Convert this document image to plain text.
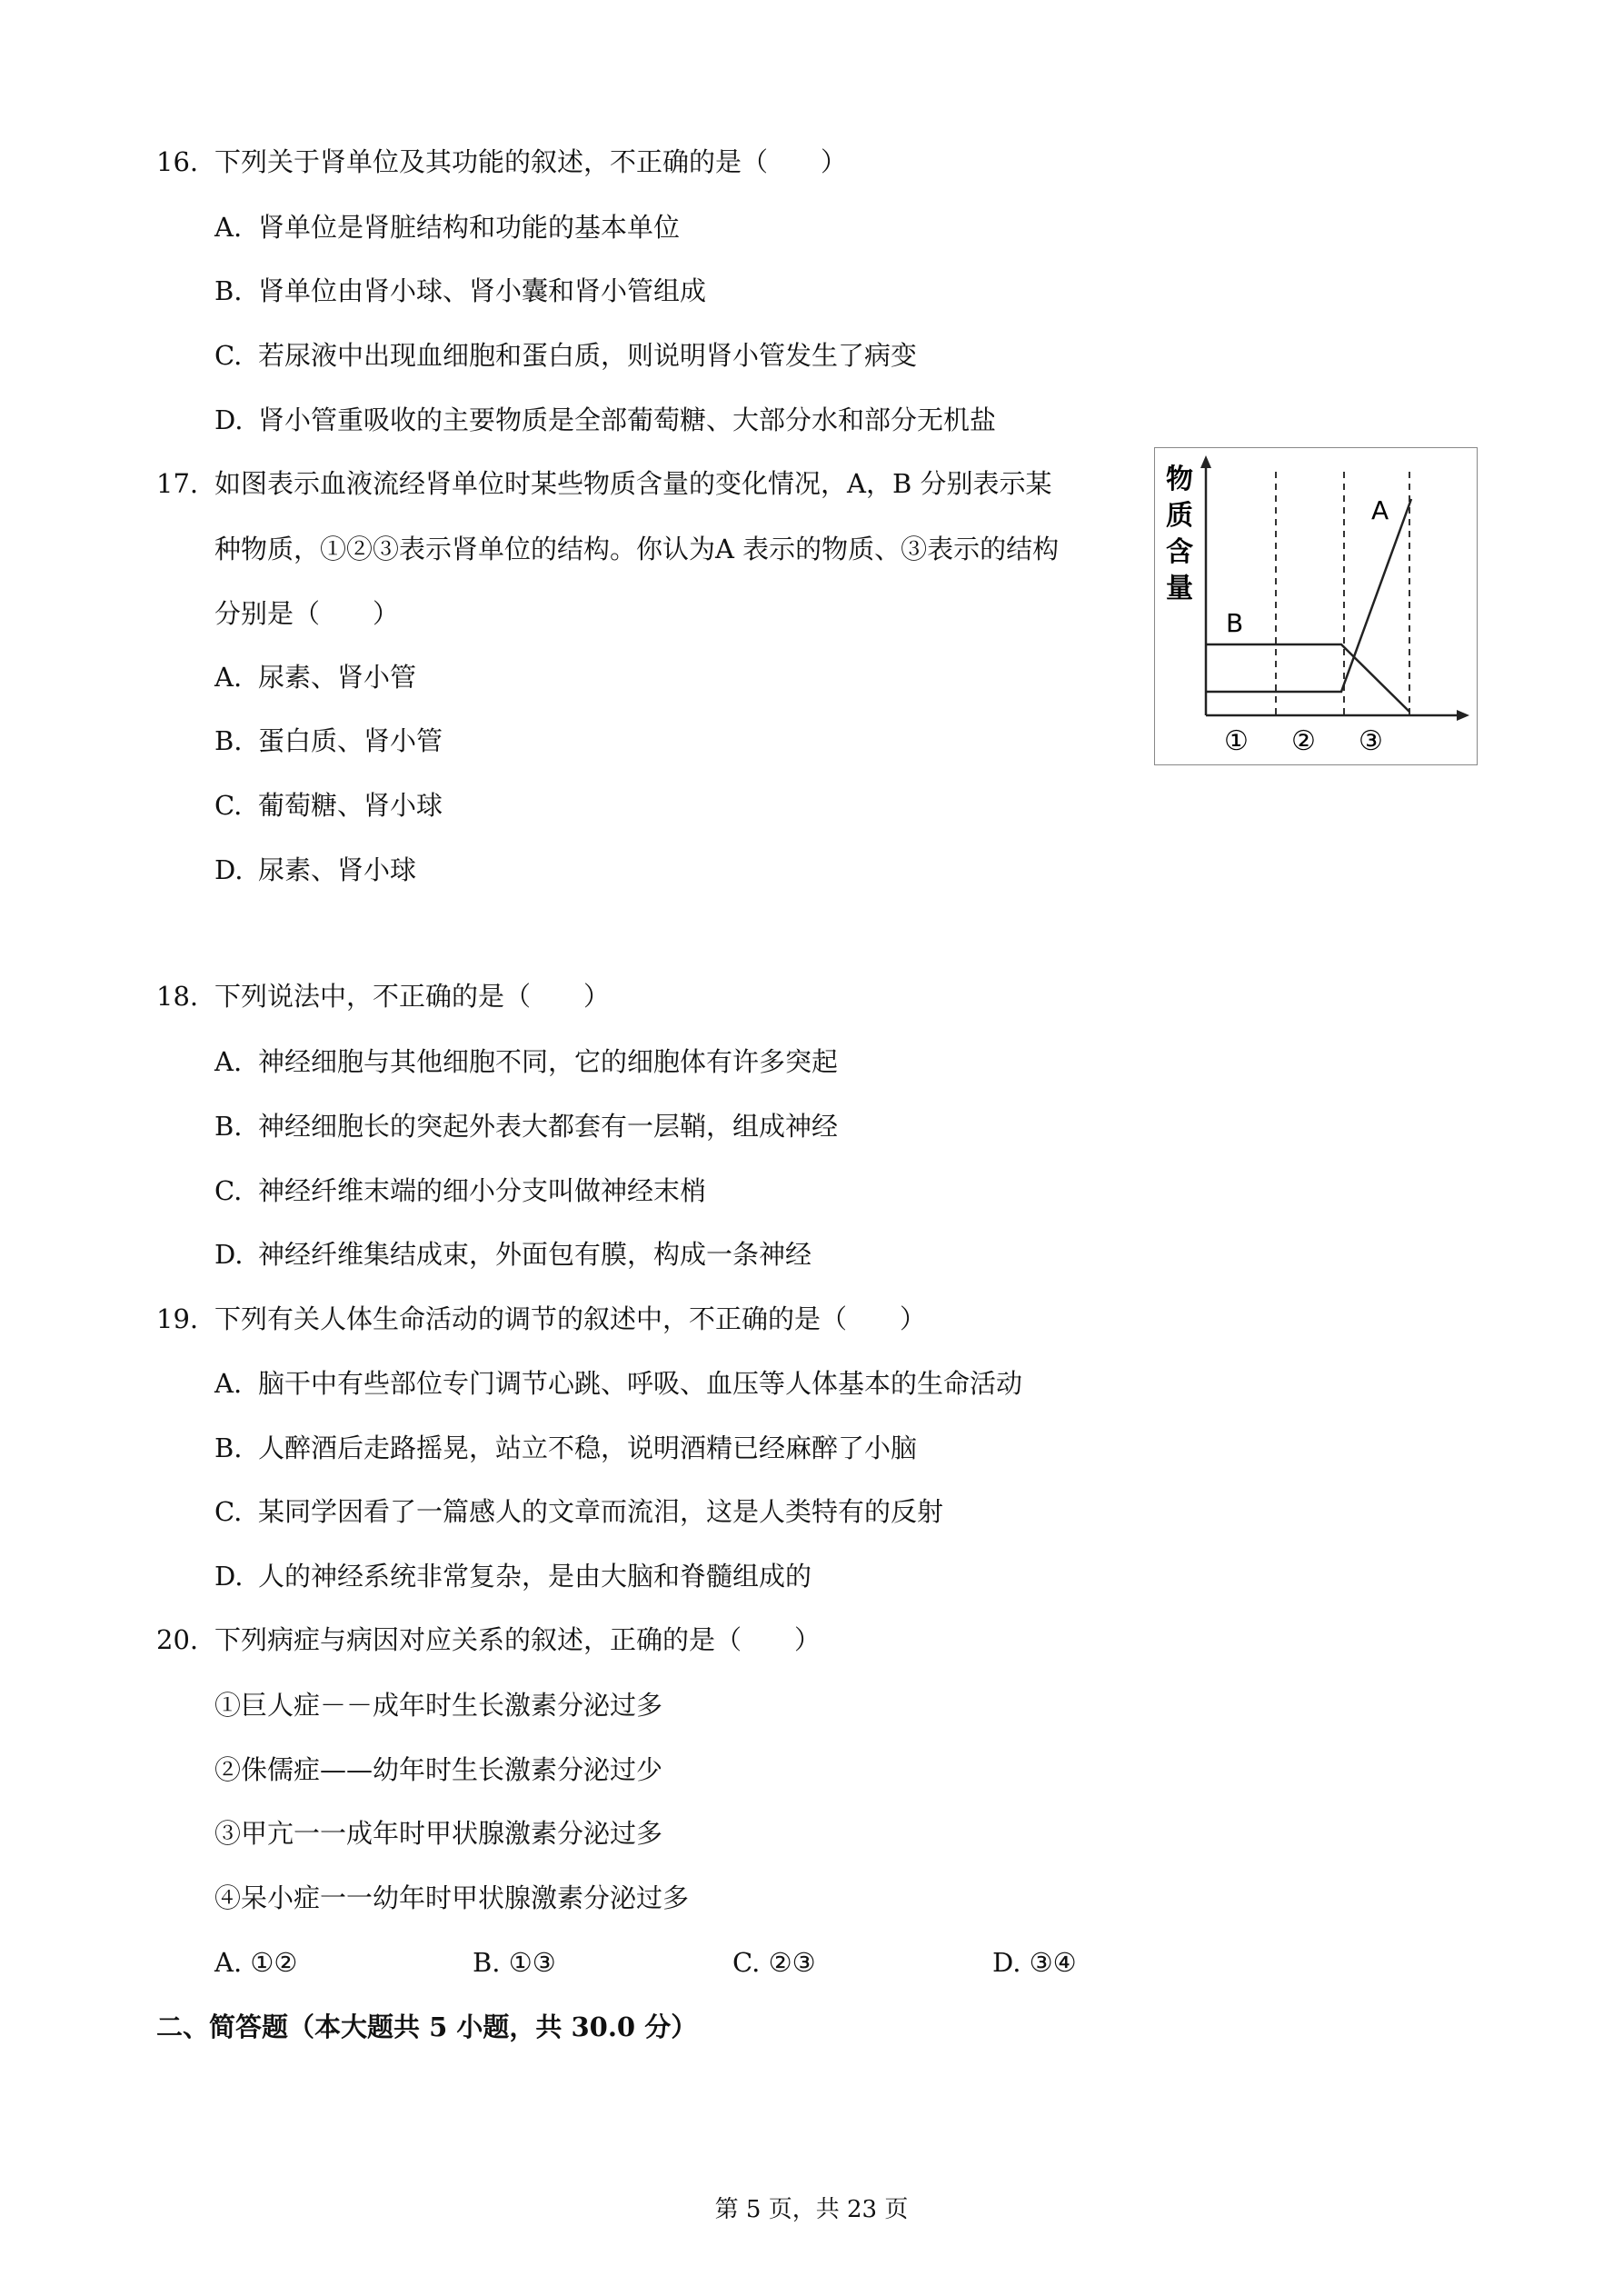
16. 下列关于肾单位及其功能的叙述，不正确的是（　　）
A. 肾单位是肾脏结构和功能的基本单位
B. 肾单位由肾小球、肾小囊和肾小管组成
C. 若尿液中出现血细胞和蛋白质，则说明肾小管发生了病变
D. 肾小管重吸收的主要物质是全部葡萄糖、大部分水和部分无机盐
17. 如图表示血液流经肾单位时某些物质含量的变化情况，A，B 分别表示某
种物质，①②③表示肾单位的结构。你认为A 表示的物质、③表示的结构
分别是（　　）
A. 尿素、肾小管
B. 蛋白质、肾小管
C. 葡萄糖、肾小球
D. 尿素、肾小球
物
质
含
量
B
A
① ② ③
18. 下列说法中，不正确的是（　　）
A. 神经细胞与其他细胞不同，它的细胞体有许多突起
B. 神经细胞长的突起外表大都套有一层鞘，组成神经
C. 神经纤维末端的细小分支叫做神经末梢
D. 神经纤维集结成束，外面包有膜，构成一条神经
19. 下列有关人体生命活动的调节的叙述中，不正确的是（　　）
A. 脑干中有些部位专门调节心跳、呼吸、血压等人体基本的生命活动
B. 人醉酒后走路摇晃，站立不稳，说明酒精已经麻醉了小脑
C. 某同学因看了一篇感人的文章而流泪，这是人类特有的反射
D. 人的神经系统非常复杂，是由大脑和脊髓组成的
20. 下列病症与病因对应关系的叙述，正确的是（　　）
①巨人症－－成年时生长激素分泌过多
②侏儒症——幼年时生长激素分泌过少
③甲亢一一成年时甲状腺激素分泌过多
④呆小症一一幼年时甲状腺激素分泌过多
A. ①②	B. ①③	C. ②③	D. ③④
二、简答题（本大题共 5 小题，共 30.0 分）
第 5 页，共 23 页
